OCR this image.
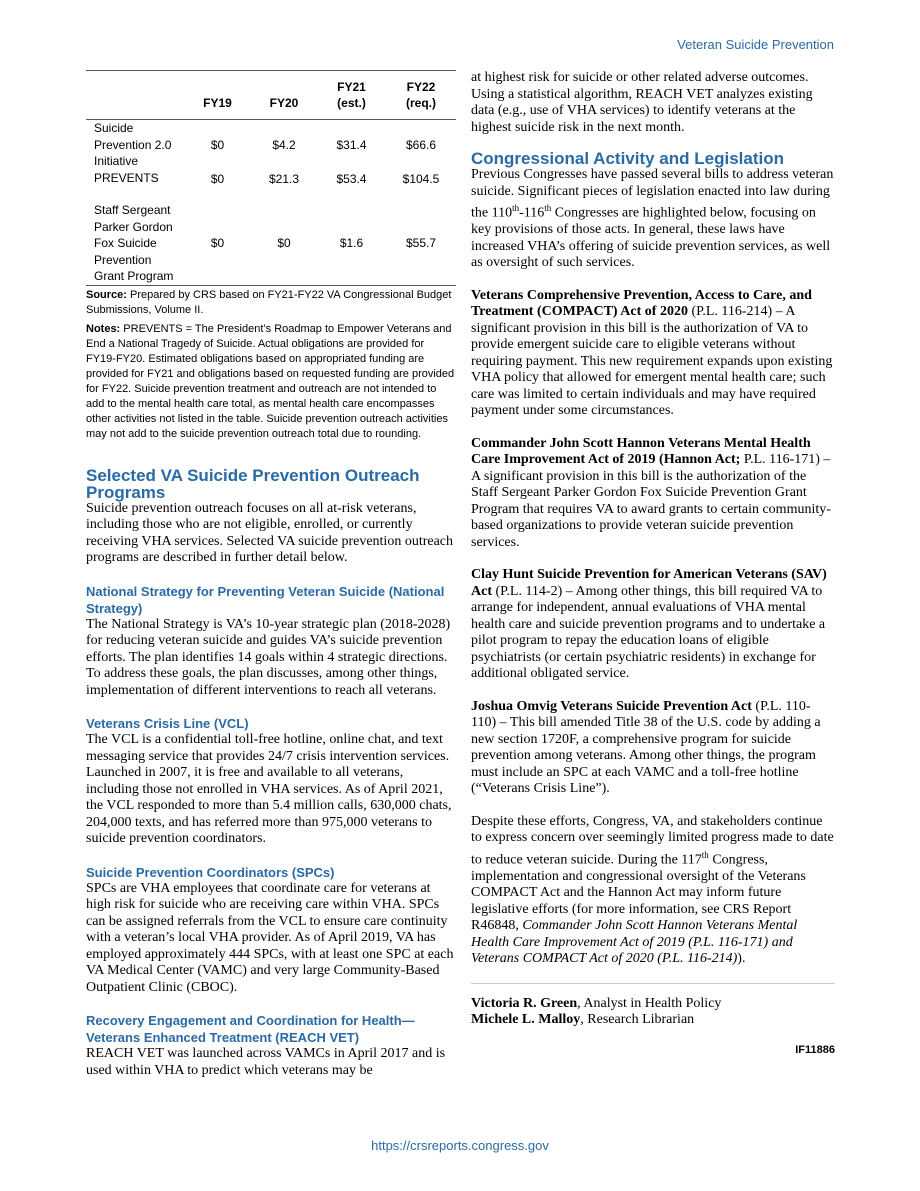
Veteran Suicide Prevention
	FY19	FY20	FY21 (est.)	FY22 (req.)
Suicide Prevention 2.0 Initiative	$0	$4.2	$31.4	$66.6
PREVENTS	$0	$21.3	$53.4	$104.5
Staff Sergeant Parker Gordon Fox Suicide Prevention Grant Program	$0	$0	$1.6	$55.7

Source: Prepared by CRS based on FY21-FY22 VA Congressional Budget Submissions, Volume II.

Notes: PREVENTS = The President’s Roadmap to Empower Veterans and End a National Tragedy of Suicide. Actual obligations are provided for FY19-FY20. Estimated obligations based on appropriated funding are provided for FY21 and obligations based on requested funding are provided for FY22. Suicide prevention treatment and outreach are not intended to add to the mental health care total, as mental health care encompasses other activities not listed in the table. Suicide prevention outreach activities may not add to the suicide prevention outreach total due to rounding.

Selected VA Suicide Prevention Outreach Programs

Suicide prevention outreach focuses on all at-risk veterans, including those who are not eligible, enrolled, or currently receiving VHA services. Selected VA suicide prevention outreach programs are described in further detail below.

National Strategy for Preventing Veteran Suicide (National Strategy)

The National Strategy is VA’s 10-year strategic plan (2018-2028) for reducing veteran suicide and guides VA’s suicide prevention efforts. The plan identifies 14 goals within 4 strategic directions. To address these goals, the plan discusses, among other things, implementation of different interventions to reach all veterans.

Veterans Crisis Line (VCL)

The VCL is a confidential toll-free hotline, online chat, and text messaging service that provides 24/7 crisis intervention services. Launched in 2007, it is free and available to all veterans, including those not enrolled in VHA services. As of April 2021, the VCL responded to more than 5.4 million calls, 630,000 chats, 204,000 texts, and has referred more than 975,000 veterans to suicide prevention coordinators.

Suicide Prevention Coordinators (SPCs)

SPCs are VHA employees that coordinate care for veterans at high risk for suicide who are receiving care within VHA. SPCs can be assigned referrals from the VCL to ensure care continuity with a veteran’s local VHA provider. As of April 2019, VA has employed approximately 444 SPCs, with at least one SPC at each VA Medical Center (VAMC) and very large Community-Based Outpatient Clinic (CBOC).

Recovery Engagement and Coordination for Health—Veterans Enhanced Treatment (REACH VET)

REACH VET was launched across VAMCs in April 2017 and is used within VHA to predict which veterans may be

at highest risk for suicide or other related adverse outcomes. Using a statistical algorithm, REACH VET analyzes existing data (e.g., use of VHA services) to identify veterans at the highest suicide risk in the next month.

Congressional Activity and Legislation

Previous Congresses have passed several bills to address veteran suicide. Significant pieces of legislation enacted into law during the 110th-116th Congresses are highlighted below, focusing on key provisions of those acts. In general, these laws have increased VHA’s offering of suicide prevention services, as well as oversight of such services.

Veterans Comprehensive Prevention, Access to Care, and Treatment (COMPACT) Act of 2020 (P.L. 116-214) – A significant provision in this bill is the authorization of VA to provide emergent suicide care to eligible veterans without requiring payment. This new requirement expands upon existing VHA policy that allowed for emergent mental health care; such care was limited to certain individuals and may have required payment under some circumstances.

Commander John Scott Hannon Veterans Mental Health Care Improvement Act of 2019 (Hannon Act; P.L. 116-171) – A significant provision in this bill is the authorization of the Staff Sergeant Parker Gordon Fox Suicide Prevention Grant Program that requires VA to award grants to certain community-based organizations to provide veteran suicide prevention services.

Clay Hunt Suicide Prevention for American Veterans (SAV) Act (P.L. 114-2) – Among other things, this bill required VA to arrange for independent, annual evaluations of VHA mental health care and suicide prevention programs and to undertake a pilot program to repay the education loans of eligible psychiatrists (or certain psychiatric residents) in exchange for additional obligated service.

Joshua Omvig Veterans Suicide Prevention Act (P.L. 110-110) – This bill amended Title 38 of the U.S. code by adding a new section 1720F, a comprehensive program for suicide prevention among veterans. Among other things, the program must include an SPC at each VAMC and a toll-free hotline (“Veterans Crisis Line”).

Despite these efforts, Congress, VA, and stakeholders continue to express concern over seemingly limited progress made to date to reduce veteran suicide. During the 117th Congress, implementation and congressional oversight of the Veterans COMPACT Act and the Hannon Act may inform future legislative efforts (for more information, see CRS Report R46848, Commander John Scott Hannon Veterans Mental Health Care Improvement Act of 2019 (P.L. 116-171) and Veterans COMPACT Act of 2020 (P.L. 116-214)).

Victoria R. Green, Analyst in Health Policy

Michele L. Malloy, Research Librarian

IF11886
https://crsreports.congress.gov
